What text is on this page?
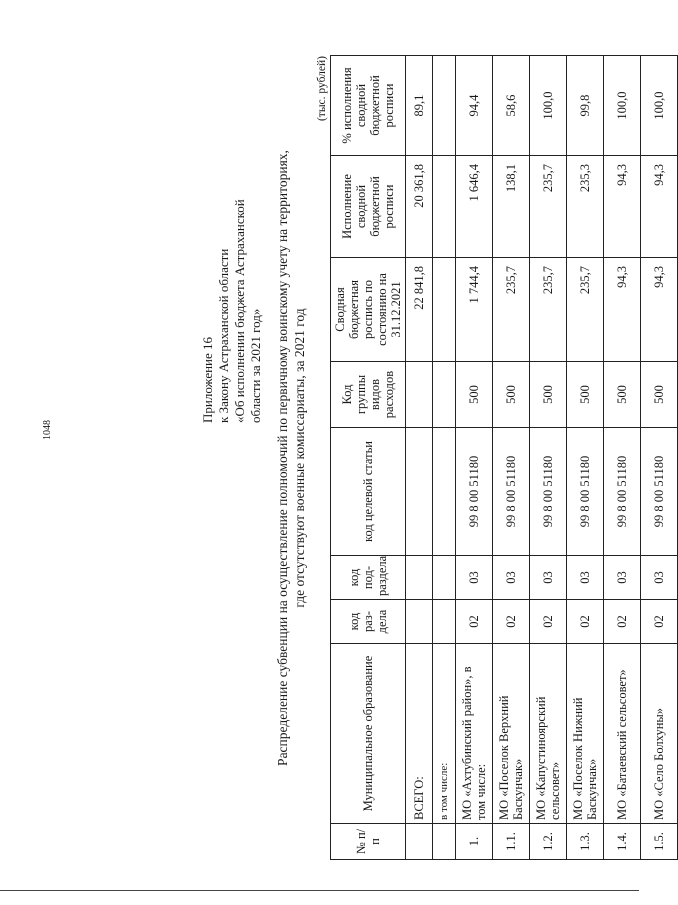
1048
Приложение 16 к Закону Астраханской области «Об исполнении бюджета Астраханской области за 2021 год» Распределение субвенции на осуществление полномочий по первичному воинскому учету на территориях, где отсутствуют военные комиссариаты, за 2021 год
(тыс. рублей)
№ п/п	Муниципальное образование	код раз-дела	код под-раздела	код целевой статьи	Код группы видов расходов	Сводная бюджетная роспись по состоянию на 31.12.2021	Исполнение сводной бюджетной росписи	% исполнения сводной бюджетной росписи
	ВСЕГО:					22 841,8	20 361,8	89,1
	в том числе:							
1.	МО «Ахтубинский район», в том числе:	02	03	99 8 00 51180	500	1 744,4	1 646,4	94,4
1.1.	МО «Поселок Верхний Баскунчак»	02	03	99 8 00 51180	500	235,7	138,1	58,6
1.2.	МО «Капустиноярский сельсовет»	02	03	99 8 00 51180	500	235,7	235,7	100,0
1.3.	МО «Поселок Нижний Баскунчак»	02	03	99 8 00 51180	500	235,7	235,3	99,8
1.4.	МО «Батаевский сельсовет»	02	03	99 8 00 51180	500	94,3	94,3	100,0
1.5.	МО «Село Болхуны»	02	03	99 8 00 51180	500	94,3	94,3	100,0
